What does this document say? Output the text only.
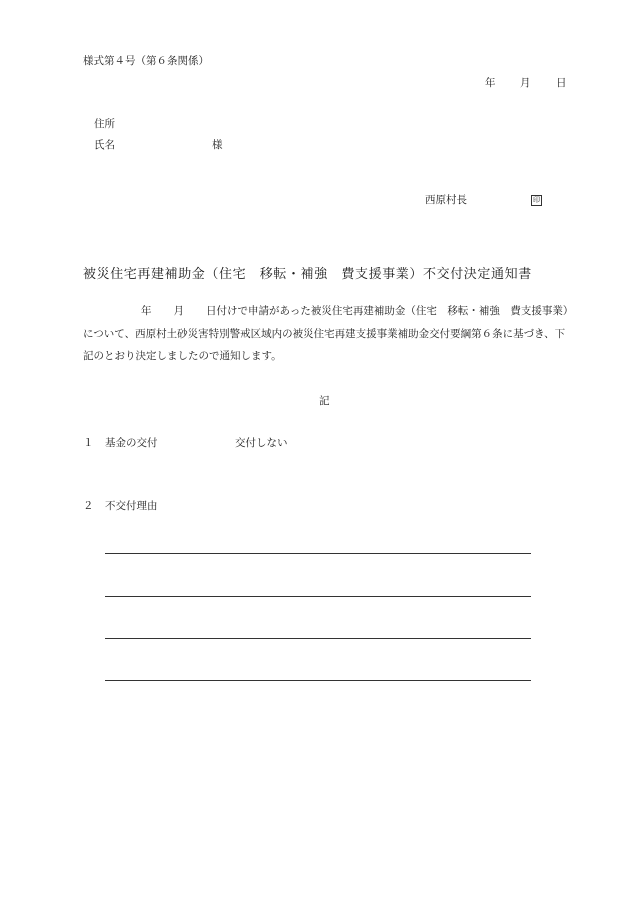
様式第４号（第６条関係）
年 月 日
住所
氏名	様
西原村長	印
被災住宅再建補助金（住宅　移転・補強　費支援事業）不交付決定通知書
年 月 日付けで申請があった被災住宅再建補助金（住宅　移転・補強　費支援事業）について、西原村土砂災害特別警戒区域内の被災住宅再建支援事業補助金交付要綱第６条に基づき、下記のとおり決定しましたので通知します。
記
１ 基金の交付	交付しない
２ 不交付理由
